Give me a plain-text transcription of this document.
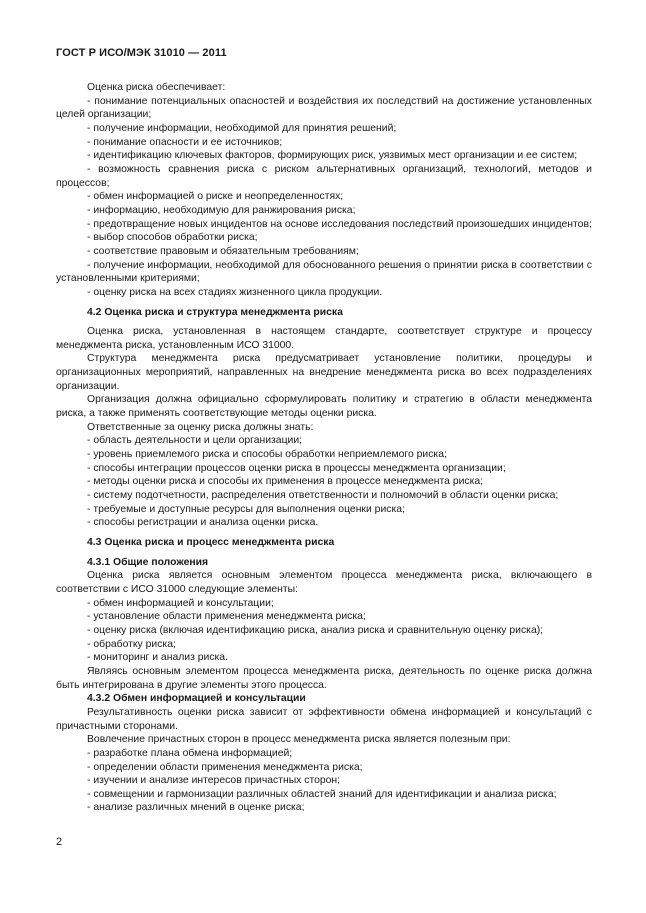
ГОСТ Р ИСО/МЭК 31010 — 2011

Оценка риска обеспечивает:

- понимание потенциальных опасностей и воздействия их последствий на достижение установленных целей организации;

- получение информации, необходимой для принятия решений;

- понимание опасности и ее источников;

- идентификацию ключевых факторов, формирующих риск, уязвимых мест организации и ее систем;

- возможность сравнения риска с риском альтернативных организаций, технологий, методов и процессов;

- обмен информацией о риске и неопределенностях;

- информацию, необходимую для ранжирования риска;

- предотвращение новых инцидентов на основе исследования последствий произошедших инцидентов;

- выбор способов обработки риска;

- соответствие правовым и обязательным требованиям;

- получение информации, необходимой для обоснованного решения о принятии риска в соответствии с установленными критериями;

- оценку риска на всех стадиях жизненного цикла продукции.

4.2 Оценка риска и структура менеджмента риска

Оценка риска, установленная в настоящем стандарте, соответствует структуре и процессу менеджмента риска, установленным ИСО 31000.

Структура менеджмента риска предусматривает установление политики, процедуры и организационных мероприятий, направленных на внедрение менеджмента риска во всех подразделениях организации.

Организация должна официально сформулировать политику и стратегию в области менеджмента риска, а также применять соответствующие методы оценки риска.

Ответственные за оценку риска должны знать:

- область деятельности и цели организации;

- уровень приемлемого риска и способы обработки неприемлемого риска;

- способы интеграции процессов оценки риска в процессы менеджмента организации;

- методы оценки риска и способы их применения в процессе менеджмента риска;

- систему подотчетности, распределения ответственности и полномочий в области оценки риска;

- требуемые и доступные ресурсы для выполнения оценки риска;

- способы регистрации и анализа оценки риска.

4.3 Оценка риска и процесс менеджмента риска

4.3.1 Общие положения

Оценка риска является основным элементом процесса менеджмента риска, включающего в соответствии с ИСО 31000 следующие элементы:

- обмен информацией и консультации;

- установление области применения менеджмента риска;

- оценку риска (включая идентификацию риска, анализ риска и сравнительную оценку риска);

- обработку риска;

- мониторинг и анализ риска.

Являясь основным элементом процесса менеджмента риска, деятельность по оценке риска должна быть интегрирована в другие элементы этого процесса.

4.3.2 Обмен информацией и консультации

Результативность оценки риска зависит от эффективности обмена информацией и консультаций с причастными сторонами.

Вовлечение причастных сторон в процесс менеджмента риска является полезным при:

- разработке плана обмена информацией;

- определении области применения менеджмента риска;

- изучении и анализе интересов причастных сторон;

- совмещении и гармонизации различных областей знаний для идентификации и анализа риска;

- анализе различных мнений в оценке риска;

2
